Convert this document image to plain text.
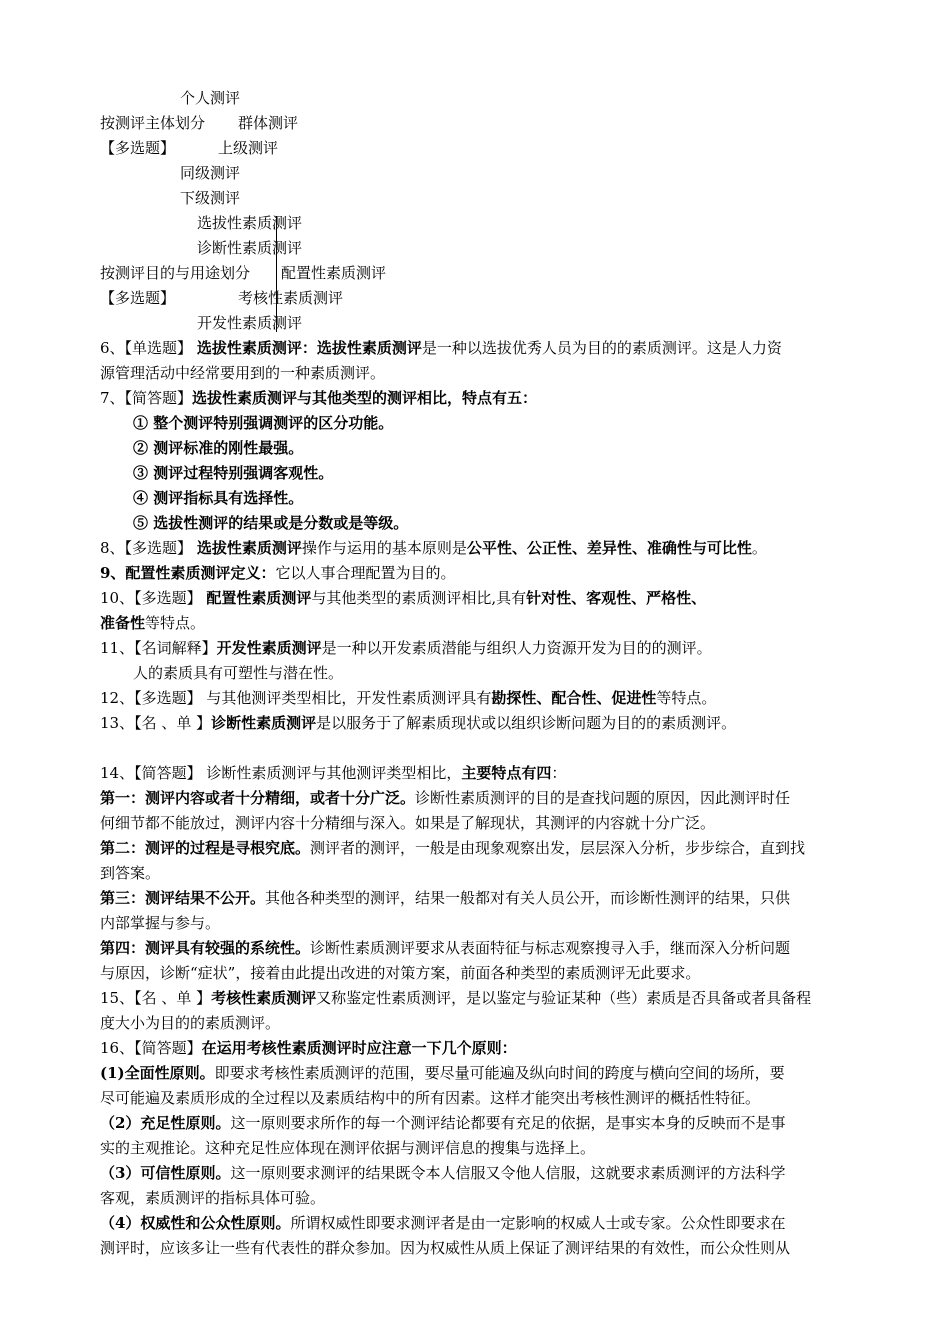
个人测评
按测评主体划分 群体测评
【多选题】	上级测评
同级测评
下级测评
选拔性素质测评
诊断性素质测评
按测评目的与用途划分 配置性素质测评
【多选题】	考核性素质测评
开发性素质测评
6、【单选题】 选拔性素质测评：选拔性素质测评是一种以选拔优秀人员为目的的素质测评。这是人力资
源管理活动中经常要用到的一种素质测评。
7、【简答题】选拔性素质测评与其他类型的测评相比，特点有五：
① 整个测评特别强调测评的区分功能。
② 测评标准的刚性最强。
③ 测评过程特别强调客观性。
④ 测评指标具有选择性。
⑤ 选拔性测评的结果或是分数或是等级。
8、【多选题】 选拔性素质测评操作与运用的基本原则是公平性、公正性、差异性、准确性与可比性。
9、配置性素质测评定义：它以人事合理配置为目的。
10、【多选题】 配置性素质测评与其他类型的素质测评相比,具有针对性、客观性、严格性、
准备性等特点。
11、【名词解释】开发性素质测评是一种以开发素质潜能与组织人力资源开发为目的的测评。
人的素质具有可塑性与潜在性。
12、【多选题】 与其他测评类型相比，开发性素质测评具有勘探性、配合性、促进性等特点。
13、【名 、单 】诊断性素质测评是以服务于了解素质现状或以组织诊断问题为目的的素质测评。
14、【简答题】 诊断性素质测评与其他测评类型相比，主要特点有四：
第一：测评内容或者十分精细，或者十分广泛。诊断性素质测评的目的是查找问题的原因，因此测评时任
何细节都不能放过，测评内容十分精细与深入。如果是了解现状，其测评的内容就十分广泛。
第二：测评的过程是寻根究底。测评者的测评，一般是由现象观察出发，层层深入分析，步步综合，直到找
到答案。
第三：测评结果不公开。其他各种类型的测评，结果一般都对有关人员公开，而诊断性测评的结果，只供
内部掌握与参与。
第四：测评具有较强的系统性。诊断性素质测评要求从表面特征与标志观察搜寻入手，继而深入分析问题
与原因，诊断“症状”，接着由此提出改进的对策方案，前面各种类型的素质测评无此要求。
15、【名 、单 】考核性素质测评又称鉴定性素质测评，是以鉴定与验证某种（些）素质是否具备或者具备程
度大小为目的的素质测评。
16、【简答题】在运用考核性素质测评时应注意一下几个原则：
(1)全面性原则。即要求考核性素质测评的范围，要尽量可能遍及纵向时间的跨度与横向空间的场所，要
尽可能遍及素质形成的全过程以及素质结构中的所有因素。这样才能突出考核性测评的概括性特征。
（2）充足性原则。这一原则要求所作的每一个测评结论都要有充足的依据，是事实本身的反映而不是事
实的主观推论。这种充足性应体现在测评依据与测评信息的搜集与选择上。
（3）可信性原则。这一原则要求测评的结果既令本人信服又令他人信服，这就要求素质测评的方法科学
客观，素质测评的指标具体可验。
（4）权威性和公众性原则。所谓权威性即要求测评者是由一定影响的权威人士或专家。公众性即要求在
测评时，应该多让一些有代表性的群众参加。因为权威性从质上保证了测评结果的有效性，而公众性则从
